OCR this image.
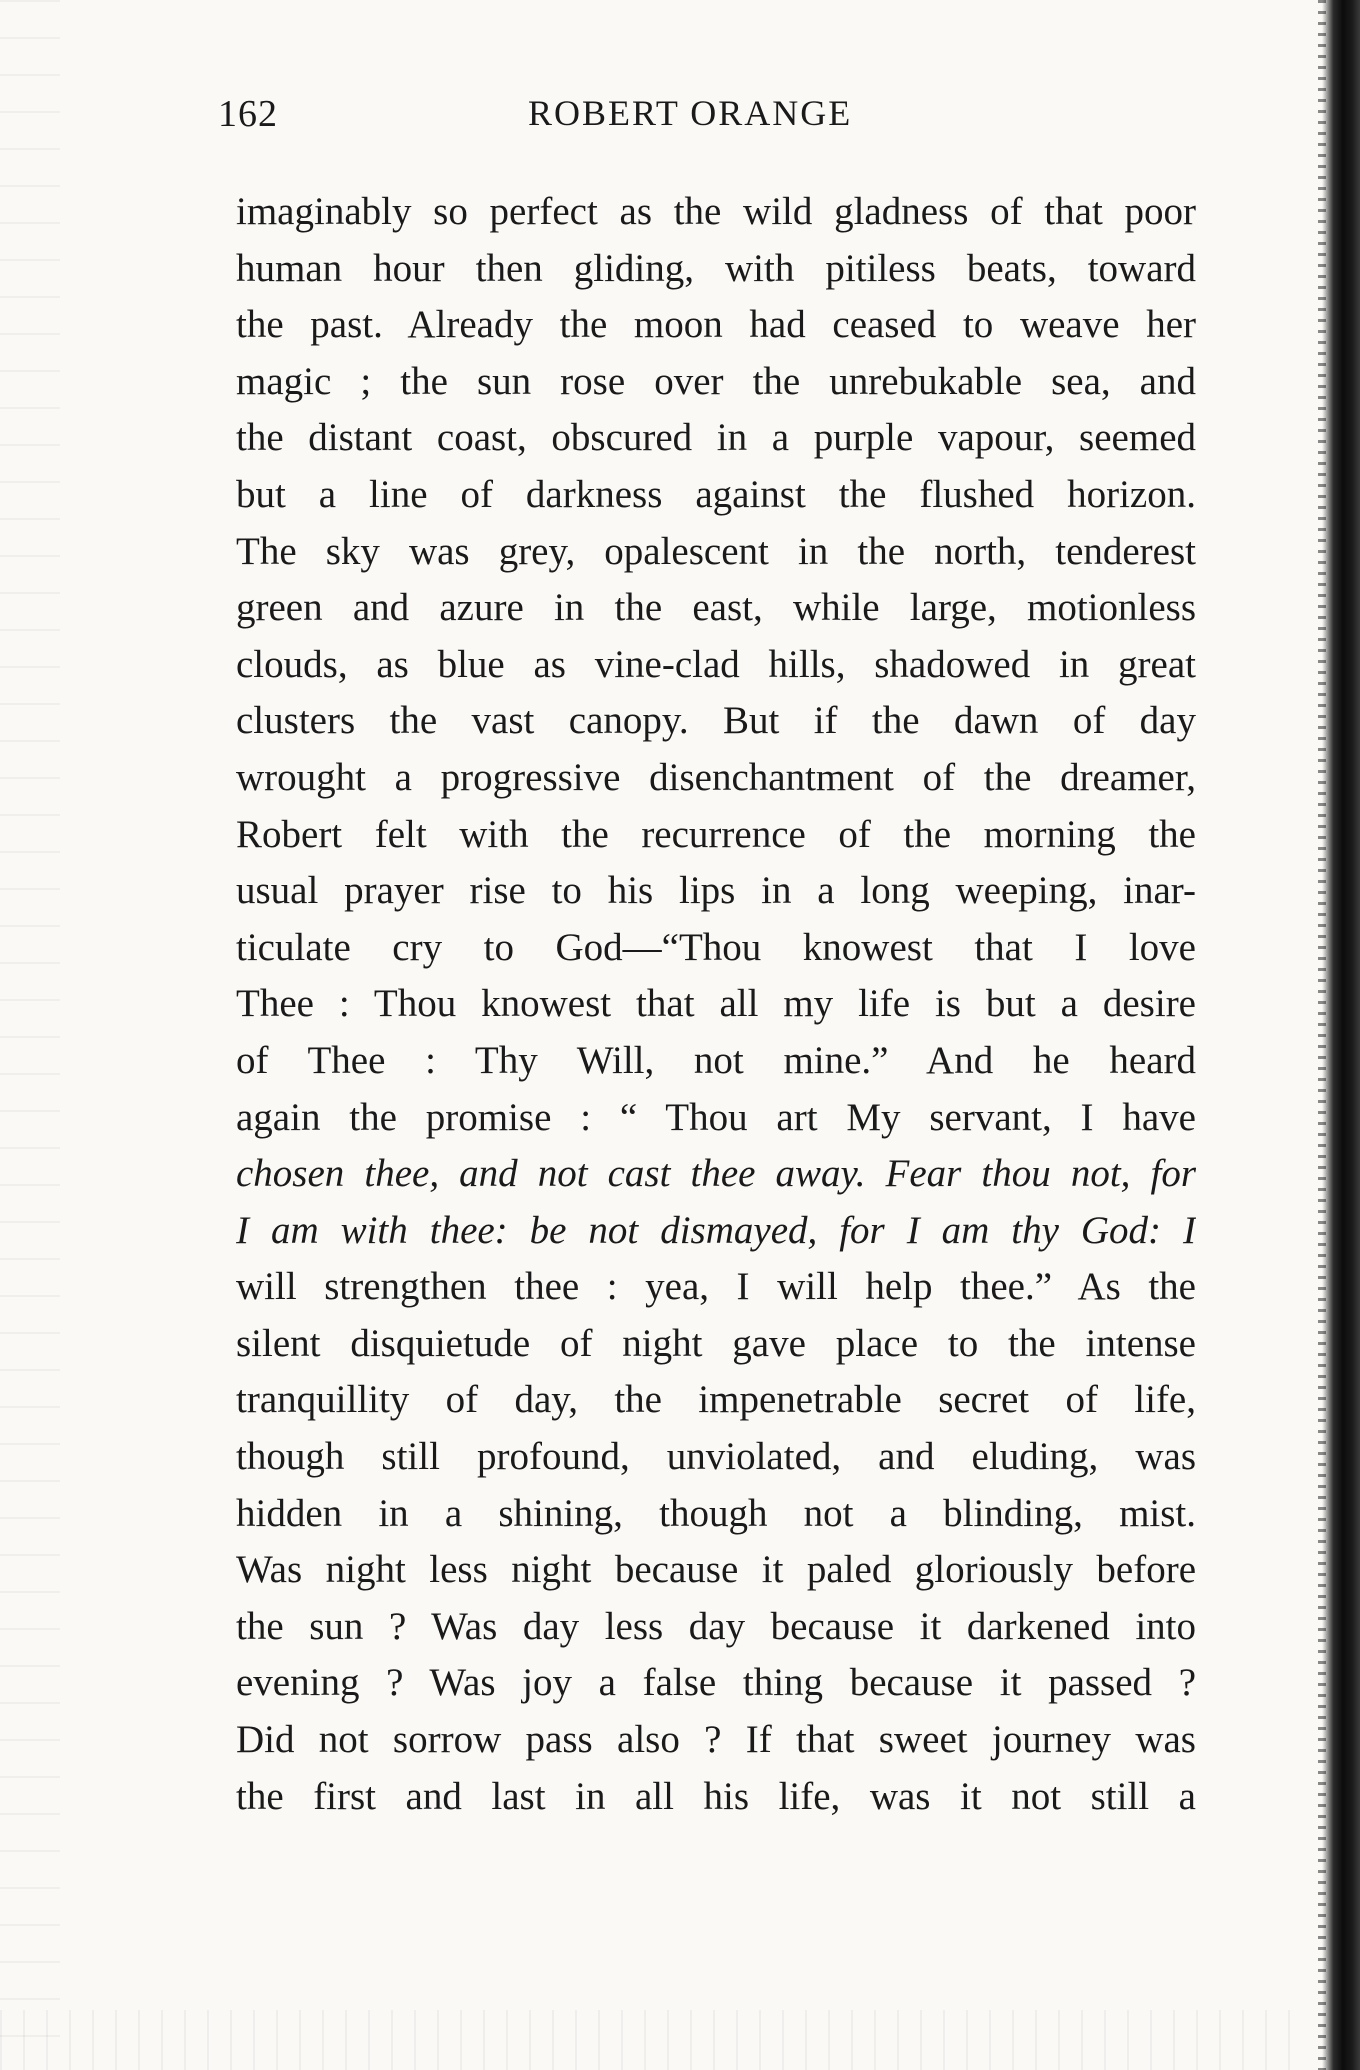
162	ROBERT ORANGE
imaginably so perfect as the wild gladness of that poor
human hour then gliding, with pitiless beats, toward
the past. Already the moon had ceased to weave her
magic ; the sun rose over the unrebukable sea, and
the distant coast, obscured in a purple vapour, seemed
but a line of darkness against the flushed horizon.
The sky was grey, opalescent in the north, tenderest
green and azure in the east, while large, motionless
clouds, as blue as vine-clad hills, shadowed in great
clusters the vast canopy. But if the dawn of day
wrought a progressive disenchantment of the dreamer,
Robert felt with the recurrence of the morning the
usual prayer rise to his lips in a long weeping, inar-
ticulate cry to God—“Thou knowest that I love
Thee : Thou knowest that all my life is but a desire
of Thee : Thy Will, not mine.” And he heard
again the promise : “ Thou art My servant, I have
chosen thee, and not cast thee away. Fear thou not, for
I am with thee: be not dismayed, for I am thy God: I
will strengthen thee : yea, I will help thee.” As the
silent disquietude of night gave place to the intense
tranquillity of day, the impenetrable secret of life,
though still profound, unviolated, and eluding, was
hidden in a shining, though not a blinding, mist.
Was night less night because it paled gloriously before
the sun ? Was day less day because it darkened into
evening ? Was joy a false thing because it passed ?
Did not sorrow pass also ? If that sweet journey was
the first and last in all his life, was it not still a
